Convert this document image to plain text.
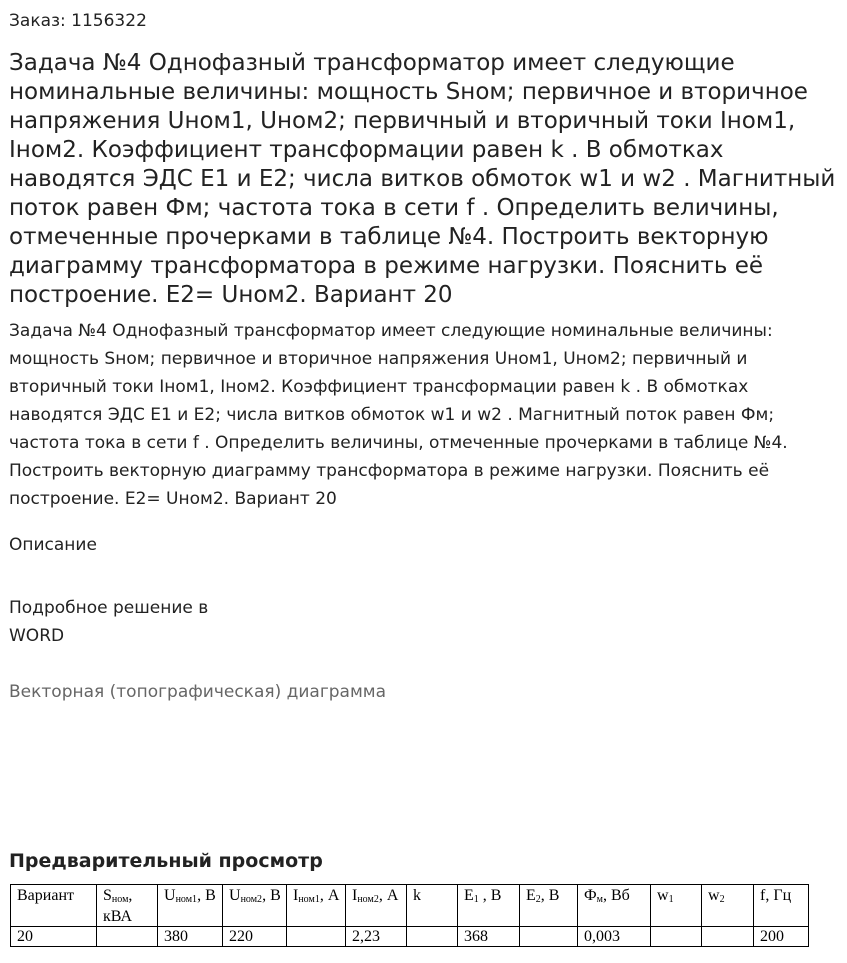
Заказ: 1156322
Задача №4 Однофазный трансформатор имеет следующие номинальные величины: мощность Sном; первичное и вторичное напряжения Uном1, Uном2; первичный и вторичный токи Iном1, Iном2. Коэффициент трансформации равен k . В обмотках наводятся ЭДС E1 и E2; числа витков обмоток w1 и w2 . Магнитный поток равен Фм; частота тока в сети f . Определить величины, отмеченные прочерками в таблице №4. Построить векторную диаграмму трансформатора в режиме нагрузки. Пояснить её построение. E2= Uном2. Вариант 20
Задача №4 Однофазный трансформатор имеет следующие номинальные величины: мощность Sном; первичное и вторичное напряжения Uном1, Uном2; первичный и вторичный токи Iном1, Iном2. Коэффициент трансформации равен k . В обмотках наводятся ЭДС E1 и E2; числа витков обмоток w1 и w2 . Магнитный поток равен Фм; частота тока в сети f . Определить величины, отмеченные прочерками в таблице №4. Построить векторную диаграмму трансформатора в режиме нагрузки. Пояснить её построение. E2= Uном2. Вариант 20
Описание
Подробное решение в
WORD
Векторная (топографическая) диаграмма
Предварительный просмотр
Вариант	Sном, кВА	Uном1, В	Uном2, В	Iном1, А	Iном2, А	k	E1 , В	E2, В	Фм, Вб	w1	w2	f, Гц
20		380	220		2,23		368		0,003			200
